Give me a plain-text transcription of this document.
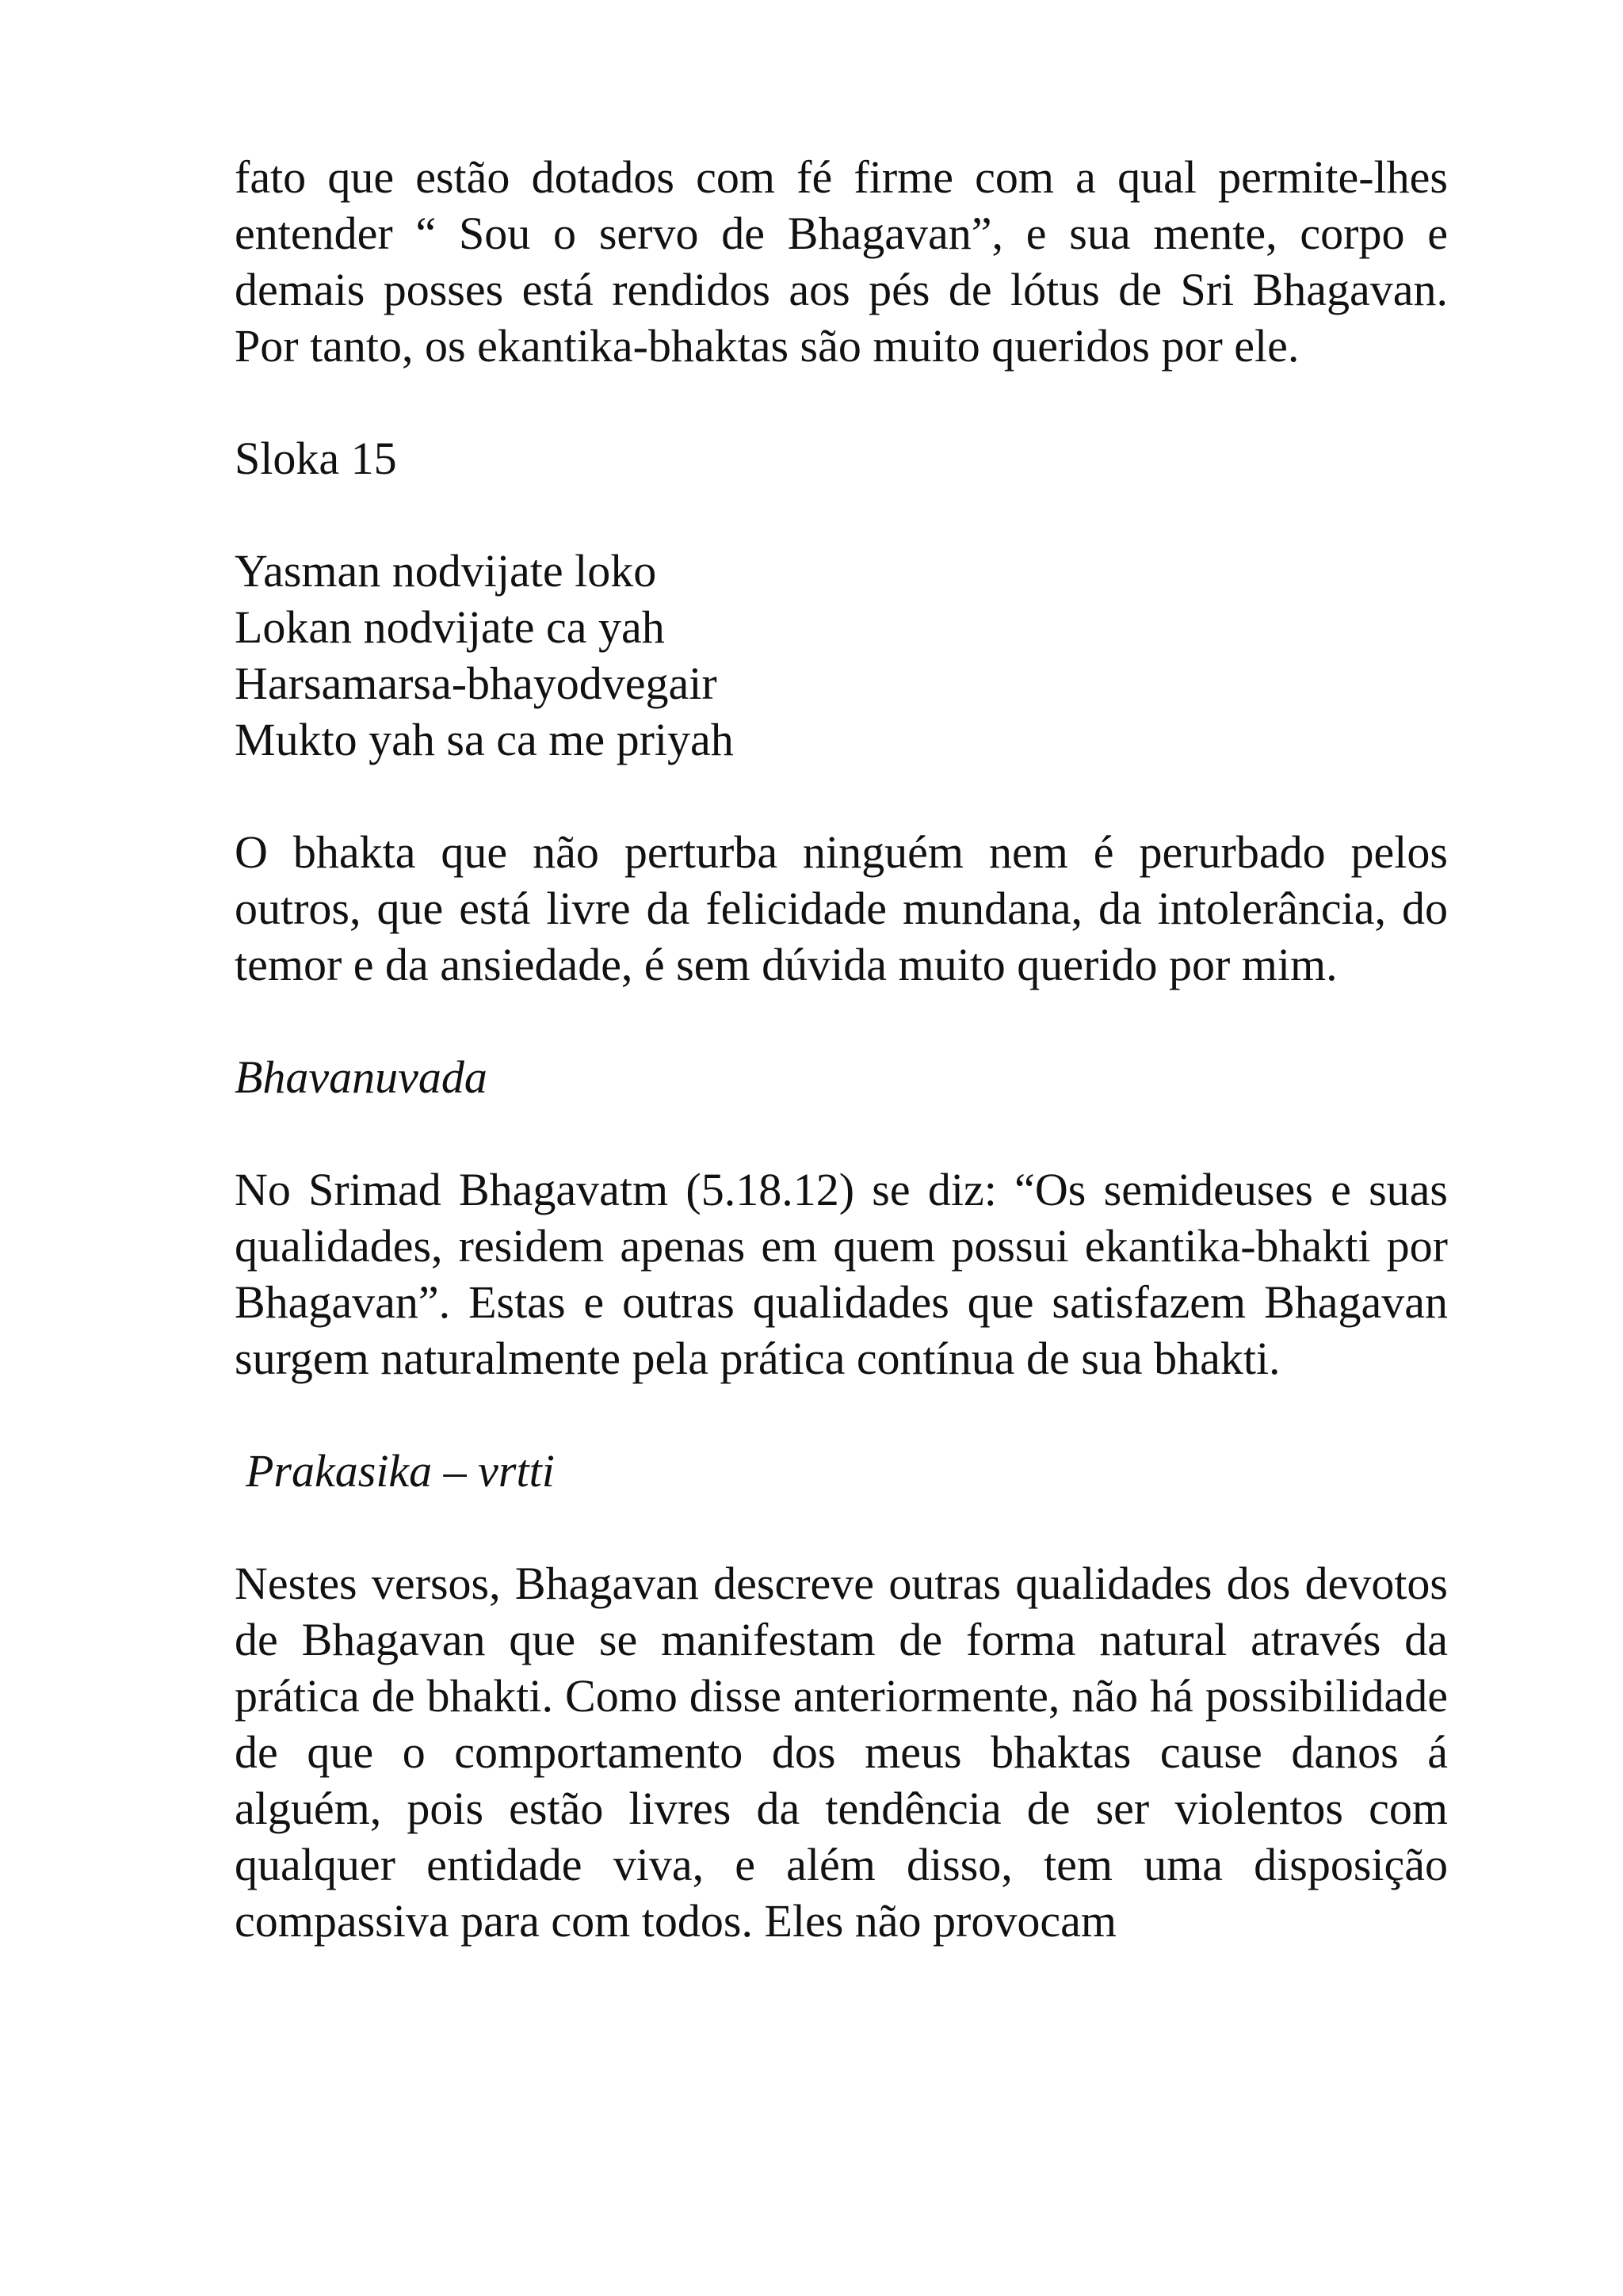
fato que estão dotados com fé firme com a qual permite-lhes entender “ Sou o servo de Bhagavan”, e sua mente, corpo e demais posses está rendidos aos pés de lótus de Sri Bhagavan. Por tanto, os ekantika-bhaktas são muito queridos por ele.

Sloka 15

Yasman nodvijate loko
Lokan nodvijate ca yah
Harsamarsa-bhayodvegair
Mukto yah sa ca me priyah

O bhakta que não perturba ninguém nem é perurbado pelos outros, que está livre da felicidade mundana, da intolerância, do temor e da ansiedade, é sem dúvida muito querido por mim.

Bhavanuvada

No Srimad Bhagavatm (5.18.12) se diz: “Os semideuses e suas qualidades, residem apenas em quem possui ekantika-bhakti por Bhagavan”. Estas e outras qualidades que satisfazem Bhagavan surgem naturalmente pela prática contínua de sua bhakti.

Prakasika – vrtti

Nestes versos, Bhagavan descreve outras qualidades dos devotos de Bhagavan que se manifestam de forma natural através da prática de bhakti. Como disse anteriormente, não há possibilidade de que o comportamento dos meus bhaktas cause danos á alguém, pois estão livres da tendência de ser violentos com qualquer entidade viva, e além disso, tem uma disposição compassiva para com todos. Eles não provocam
